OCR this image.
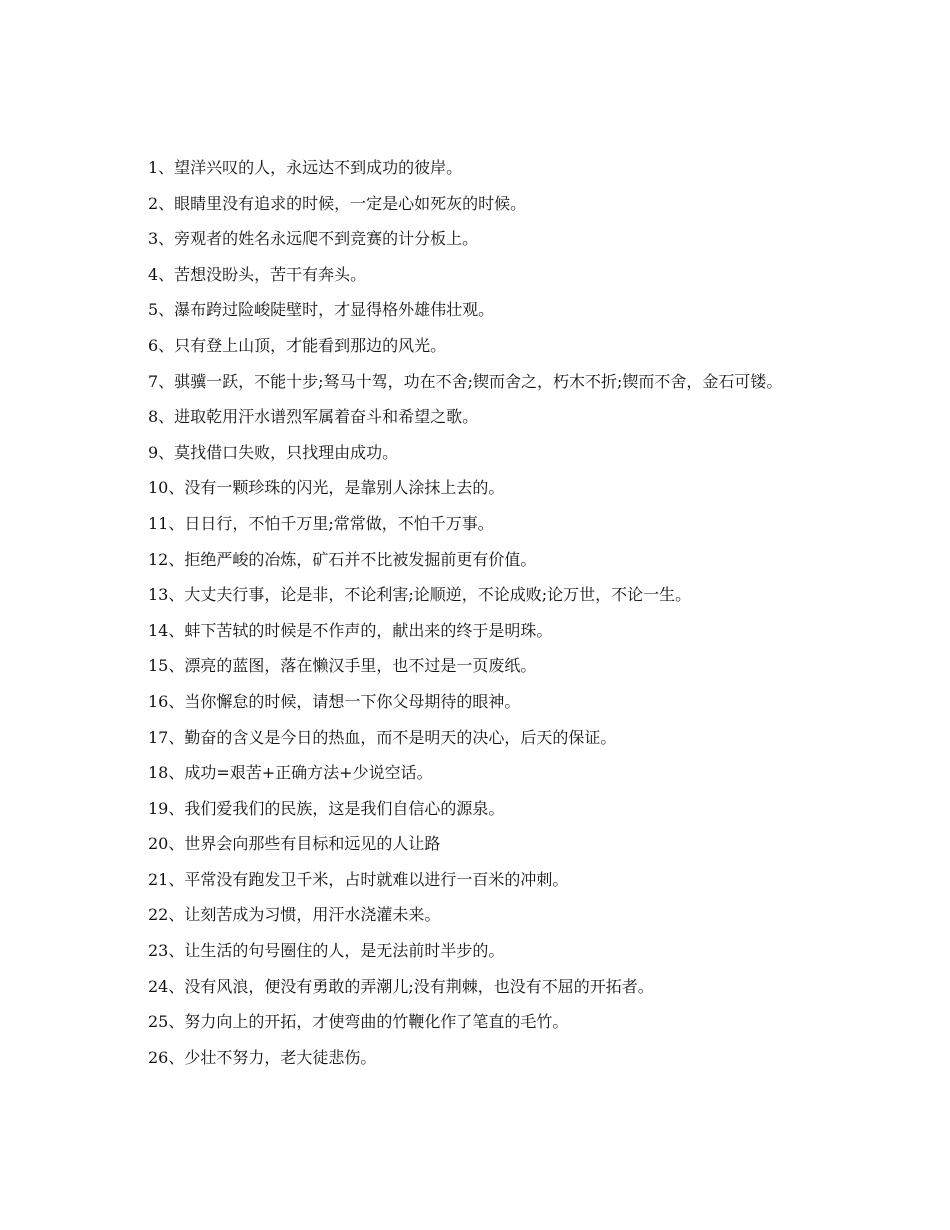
1、望洋兴叹的人，永远达不到成功的彼岸。

2、眼睛里没有追求的时候，一定是心如死灰的时候。

3、旁观者的姓名永远爬不到竞赛的计分板上。

4、苦想没盼头，苦干有奔头。

5、瀑布跨过险峻陡壁时，才显得格外雄伟壮观。

6、只有登上山顶，才能看到那边的风光。

7、骐骥一跃，不能十步;驽马十驾，功在不舍;锲而舍之，朽木不折;锲而不舍，金石可镂。

8、进取乾用汗水谱烈军属着奋斗和希望之歌。

9、莫找借口失败，只找理由成功。

10、没有一颗珍珠的闪光，是靠别人涂抹上去的。

11、日日行，不怕千万里;常常做，不怕千万事。

12、拒绝严峻的冶炼，矿石并不比被发掘前更有价值。

13、大丈夫行事，论是非，不论利害;论顺逆，不论成败;论万世，不论一生。

14、蚌下苦轼的时候是不作声的，献出来的终于是明珠。

15、漂亮的蓝图，落在懒汉手里，也不过是一页废纸。

16、当你懈怠的时候，请想一下你父母期待的眼神。

17、勤奋的含义是今日的热血，而不是明天的决心，后天的保证。

18、成功=艰苦+正确方法+少说空话。

19、我们爱我们的民族，这是我们自信心的源泉。

20、世界会向那些有目标和远见的人让路

21、平常没有跑发卫千米，占时就难以进行一百米的冲刺。

22、让刻苦成为习惯，用汗水浇灌未来。

23、让生活的句号圈住的人，是无法前时半步的。

24、没有风浪，便没有勇敢的弄潮儿;没有荆棘，也没有不屈的开拓者。

25、努力向上的开拓，才使弯曲的竹鞭化作了笔直的毛竹。

26、少壮不努力，老大徒悲伤。
